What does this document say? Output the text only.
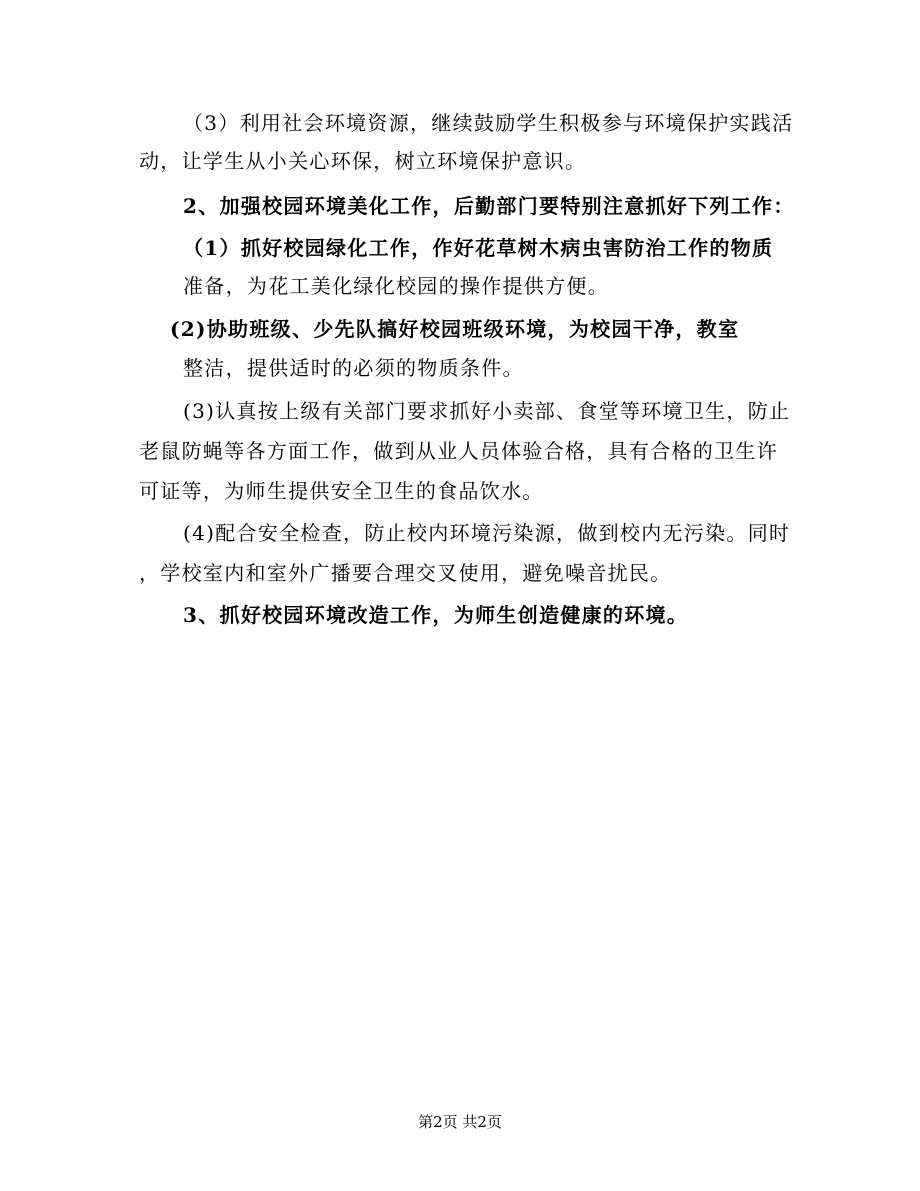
（3）利用社会环境资源，继续鼓励学生积极参与环境保护实践活
动，让学生从小关心环保，树立环境保护意识。
2、加强校园环境美化工作，后勤部门要特别注意抓好下列工作：
（1）抓好校园绿化工作，作好花草树木病虫害防治工作的物质
准备，为花工美化绿化校园的操作提供方便。
(2)协助班级、少先队搞好校园班级环境，为校园干净，教室
整洁，提供适时的必须的物质条件。
(3)认真按上级有关部门要求抓好小卖部、食堂等环境卫生，防止
老鼠防蝇等各方面工作，做到从业人员体验合格，具有合格的卫生许
可证等，为师生提供安全卫生的食品饮水。
(4)配合安全检查，防止校内环境污染源，做到校内无污染。同时
，学校室内和室外广播要合理交叉使用，避免噪音扰民。
3、抓好校园环境改造工作，为师生创造健康的环境。
第2页 共2页
